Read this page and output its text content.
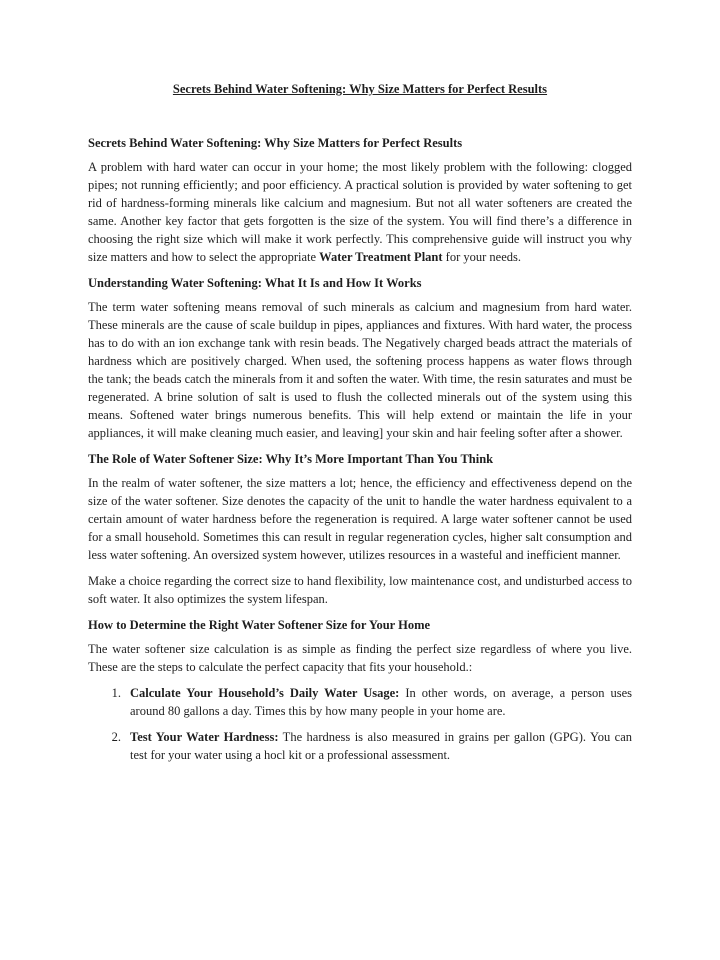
Secrets Behind Water Softening: Why Size Matters for Perfect Results
Secrets Behind Water Softening: Why Size Matters for Perfect Results

A problem with hard water can occur in your home; the most likely problem with the following: clogged pipes; not running efficiently; and poor efficiency. A practical solution is provided by water softening to get rid of hardness-forming minerals like calcium and magnesium. But not all water softeners are created the same. Another key factor that gets forgotten is the size of the system. You will find there’s a difference in choosing the right size which will make it work perfectly. This comprehensive guide will instruct you why size matters and how to select the appropriate Water Treatment Plant for your needs.

Understanding Water Softening: What It Is and How It Works

The term water softening means removal of such minerals as calcium and magnesium from hard water. These minerals are the cause of scale buildup in pipes, appliances and fixtures. With hard water, the process has to do with an ion exchange tank with resin beads. The Negatively charged beads attract the materials of hardness which are positively charged. When used, the softening process happens as water flows through the tank; the beads catch the minerals from it and soften the water. With time, the resin saturates and must be regenerated. A brine solution of salt is used to flush the collected minerals out of the system using this means. Softened water brings numerous benefits. This will help extend or maintain the life in your appliances, it will make cleaning much easier, and leaving] your skin and hair feeling softer after a shower.

The Role of Water Softener Size: Why It’s More Important Than You Think

In the realm of water softener, the size matters a lot; hence, the efficiency and effectiveness depend on the size of the water softener. Size denotes the capacity of the unit to handle the water hardness equivalent to a certain amount of water hardness before the regeneration is required. A large water softener cannot be used for a small household. Sometimes this can result in regular regeneration cycles, higher salt consumption and less water softening. An oversized system however, utilizes resources in a wasteful and inefficient manner.

Make a choice regarding the correct size to hand flexibility, low maintenance cost, and undisturbed access to soft water. It also optimizes the system lifespan.

How to Determine the Right Water Softener Size for Your Home

The water softener size calculation is as simple as finding the perfect size regardless of where you live. These are the steps to calculate the perfect capacity that fits your household.:

1. Calculate Your Household’s Daily Water Usage: In other words, on average, a person uses around 80 gallons a day. Times this by how many people in your home are.
2. Test Your Water Hardness: The hardness is also measured in grains per gallon (GPG). You can test for your water using a hocl kit or a professional assessment.
